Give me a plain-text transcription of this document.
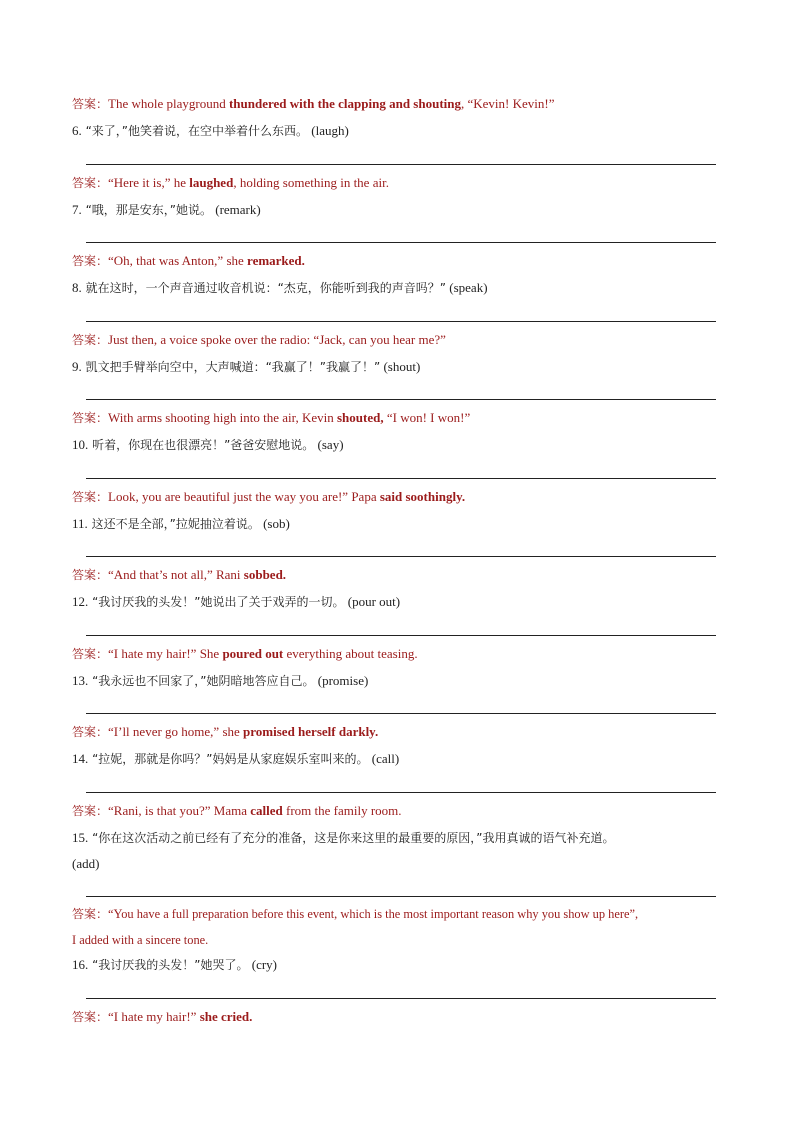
答案：The whole playground thundered with the clapping and shouting, “Kevin! Kevin!”
6. “来了，”他笑着说，在空中举着什么东西。 (laugh)
答案：“Here it is,” he laughed, holding something in the air.
7. “哦，那是安东，”她说。 (remark)
答案：“Oh, that was Anton,” she remarked.
8. 就在这时，一个声音通过收音机说：“杰克，你能听到我的声音吗？” (speak)
答案：Just then, a voice spoke over the radio: “Jack, can you hear me?”
9. 凯文把手臂举向空中，大声喊道：“我赢了！”我赢了！” (shout)
答案：With arms shooting high into the air, Kevin shouted, “I won! I won!”
10. 听着，你现在也很漂亮！”爸爸安慰地说。 (say)
答案：Look, you are beautiful just the way you are!” Papa said soothingly.
11. 这还不是全部，”拉妮抽泣着说。 (sob)
答案：“And that’s not all,” Rani sobbed.
12. “我讨厌我的头发！”她说出了关于戏弄的一切。 (pour out)
答案：“I hate my hair!” She poured out everything about teasing.
13. “我永远也不回家了，”她阴暗地答应自己。 (promise)
答案：“I’ll never go home,” she promised herself darkly.
14. “拉妮，那就是你吗？”妈妈是从家庭娱乐室叫来的。 (call)
答案：“Rani, is that you?” Mama called from the family room.
15. “你在这次活动之前已经有了充分的准备，这是你来这里的最重要的原因，”我用真诚的语气补充道。
(add)
答案：“You have a full preparation before this event, which is the most important reason why you show up here”,
I added with a sincere tone.
16. “我讨厌我的头发！”她哭了。 (cry)
答案：“I hate my hair!” she cried.
